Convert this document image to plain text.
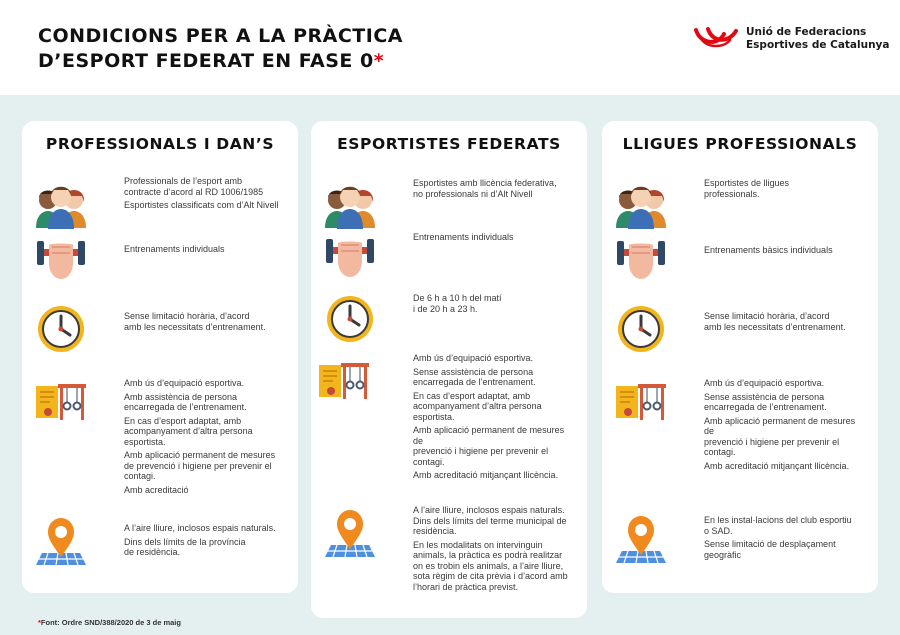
CONDICIONS PER A LA PRÀCTICA
D’ESPORT FEDERAT EN FASE 0*
Unió de Federacions
Esportives de Catalunya
PROFESSIONALS I DAN’S

Professionals de l’esport amb
contracte d’acord al RD 1006/1985

Esportistes classificats com d’Alt Nivell

Entrenaments individuals

Sense limitació horària, d’acord
amb les necessitats d’entrenament.

Amb ús d’equipació esportiva.

Amb assistència de persona
encarregada de l’entrenament.

En cas d’esport adaptat, amb
acompanyament d’altra persona
esportista.

Amb aplicació permanent de mesures
de prevenció i higiene per prevenir el
contagi.

Amb acreditació

A l’aire lliure, inclosos espais naturals.

Dins dels límits de la província
de residència.

ESPORTISTES FEDERATS

Esportistes amb llicència federativa,
no professionals ni d’Alt Nivell

Entrenaments individuals

De 6 h a 10 h del matí
i de 20 h a 23 h.

Amb ús d’equipació esportiva.

Sense assistència de persona
encarregada de l’entrenament.

En cas d’esport adaptat, amb
acompanyament d’altra persona
esportista.

Amb aplicació permanent de mesures
de
prevenció i higiene per prevenir el
contagi.

Amb acreditació mitjançant llicència.

A l’aire lliure, inclosos espais naturals.
Dins dels límits del terme municipal de
residència.

En les modalitats on intervinguin
animals, la pràctica es podrà realitzar
on es trobin els animals, a l’aire lliure,
sota règim de cita prèvia i d’acord amb
l’horari de pràctica previst.

LLIGUES PROFESSIONALS

Esportistes de lligues
professionals.

Entrenaments bàsics individuals

Sense limitació horària, d’acord
amb les necessitats d’entrenament.

Amb ús d’equipació esportiva.

Sense assistència de persona
encarregada de l’entrenament.

Amb aplicació permanent de mesures
de
prevenció i higiene per prevenir el
contagi.

Amb acreditació mitjançant llicència.

En les instal·lacions del club esportiu
o SAD.

Sense limitació de desplaçament
geogràfic

*Font: Ordre SND/388/2020 de 3 de maig
